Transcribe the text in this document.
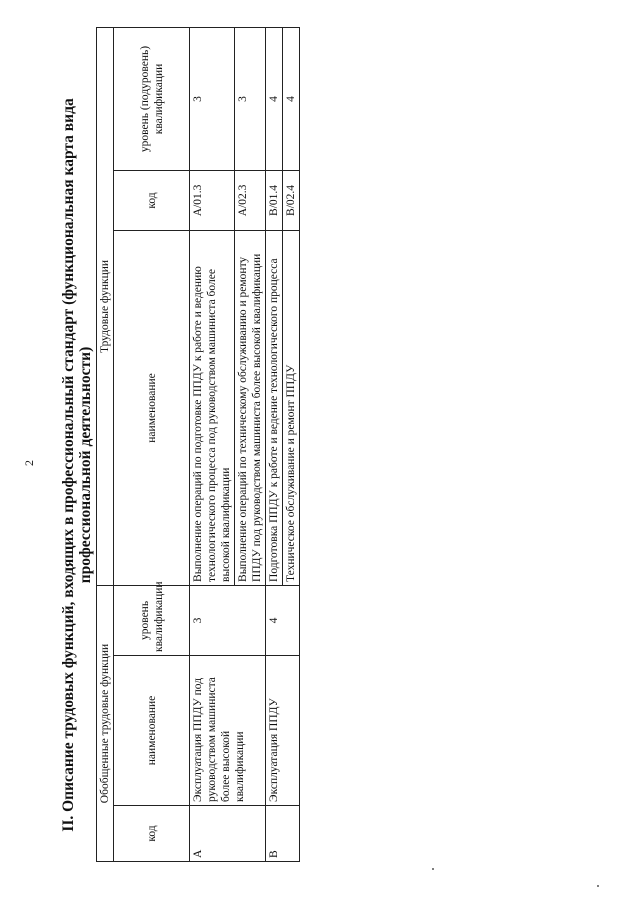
2 II. Описание трудовых функций, входящих в профессиональный стандарт (функциональная карта вида профессиональной деятельности)
Обобщенные трудовые функции			Трудовые функции		
код	наименование	уровень квалификации	наименование	код	уровень (подуровень) квалификации
A	Эксплуатация ППДУ под руководством машиниста более высокой квалификации	3	Выполнение операций по подготовке ППДУ к работе и ведению технологического процесса под руководством машиниста более высокой квалификации	A/01.3	3
			Выполнение операций по техническому обслуживанию и ремонту ППДУ под руководством машиниста более высокой квалификации	A/02.3	3
B	Эксплуатация ППДУ	4	Подготовка ППДУ к работе и ведение технологического процесса	B/01.4	4
			Техническое обслуживание и ремонт ППДУ	B/02.4	4
